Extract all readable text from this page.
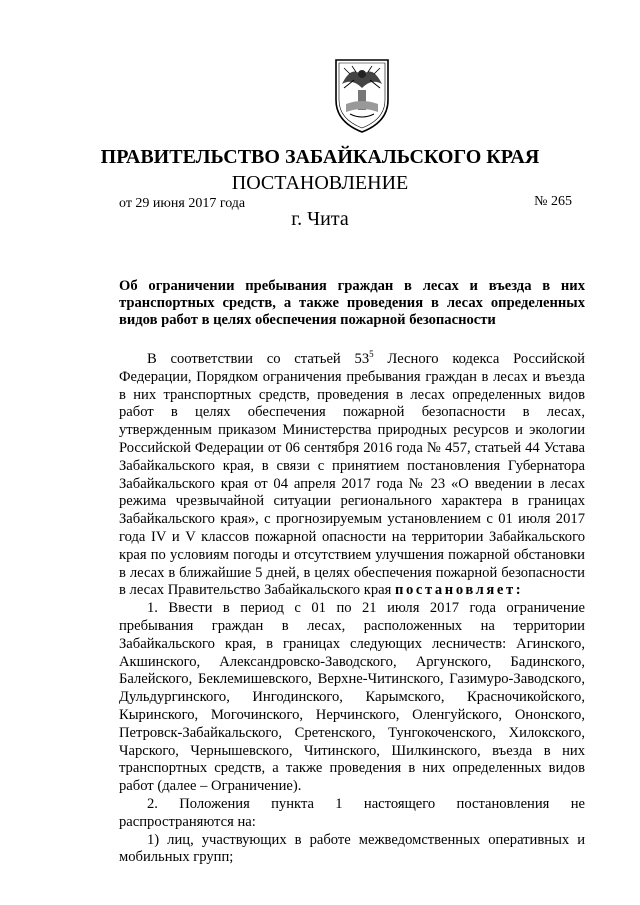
ПРАВИТЕЛЬСТВО ЗАБАЙКАЛЬСКОГО КРАЯ
ПОСТАНОВЛЕНИЕ
от 29 июня 2017 года	№ 265
г. Чита
Об ограничении пребывания граждан в лесах и въезда в них транспортных средств, а также проведения в лесах определенных видов работ в целях обеспечения пожарной безопасности

В соответствии со статьей $53^5$ Лесного кодекса Российской Федерации, Порядком ограничения пребывания граждан в лесах и въезда в них транспортных средств, проведения в лесах определенных видов работ в целях обеспечения пожарной безопасности в лесах, утвержденным приказом Министерства природных ресурсов и экологии Российской Федерации от 06 сентября 2016 года № 457, статьей 44 Устава Забайкальского края, в связи с принятием постановления Губернатора Забайкальского края от 04 апреля 2017 года № 23 «О введении в лесах режима чрезвычайной ситуации регионального характера в границах Забайкальского края», с прогнозируемым установлением с 01 июля 2017 года IV и V классов пожарной опасности на территории Забайкальского края по условиям погоды и отсутствием улучшения пожарной обстановки в лесах в ближайшие 5 дней, в целях обеспечения пожарной безопасности в лесах Правительство Забайкальского края постановляет:

1. Ввести в период с 01 по 21 июля 2017 года ограничение пребывания граждан в лесах, расположенных на территории Забайкальского края, в границах следующих лесничеств: Агинского, Акшинского, Александровско-Заводского, Аргунского, Бадинского, Балейского, Беклемишевского, Верхне-Читинского, Газимуро-Заводского, Дульдургинского, Ингодинского, Карымского, Красночикойского, Кыринского, Могочинского, Нерчинского, Оленгуйского, Ононского, Петровск-Забайкальского, Сретенского, Тунгокоченского, Хилокского, Чарского, Чернышевского, Читинского, Шилкинского, въезда в них транспортных средств, а также проведения в них определенных видов работ (далее – Ограничение).

2. Положения пункта 1 настоящего постановления не распространяются на:

1) лиц, участвующих в работе межведомственных оперативных и мобильных групп;
